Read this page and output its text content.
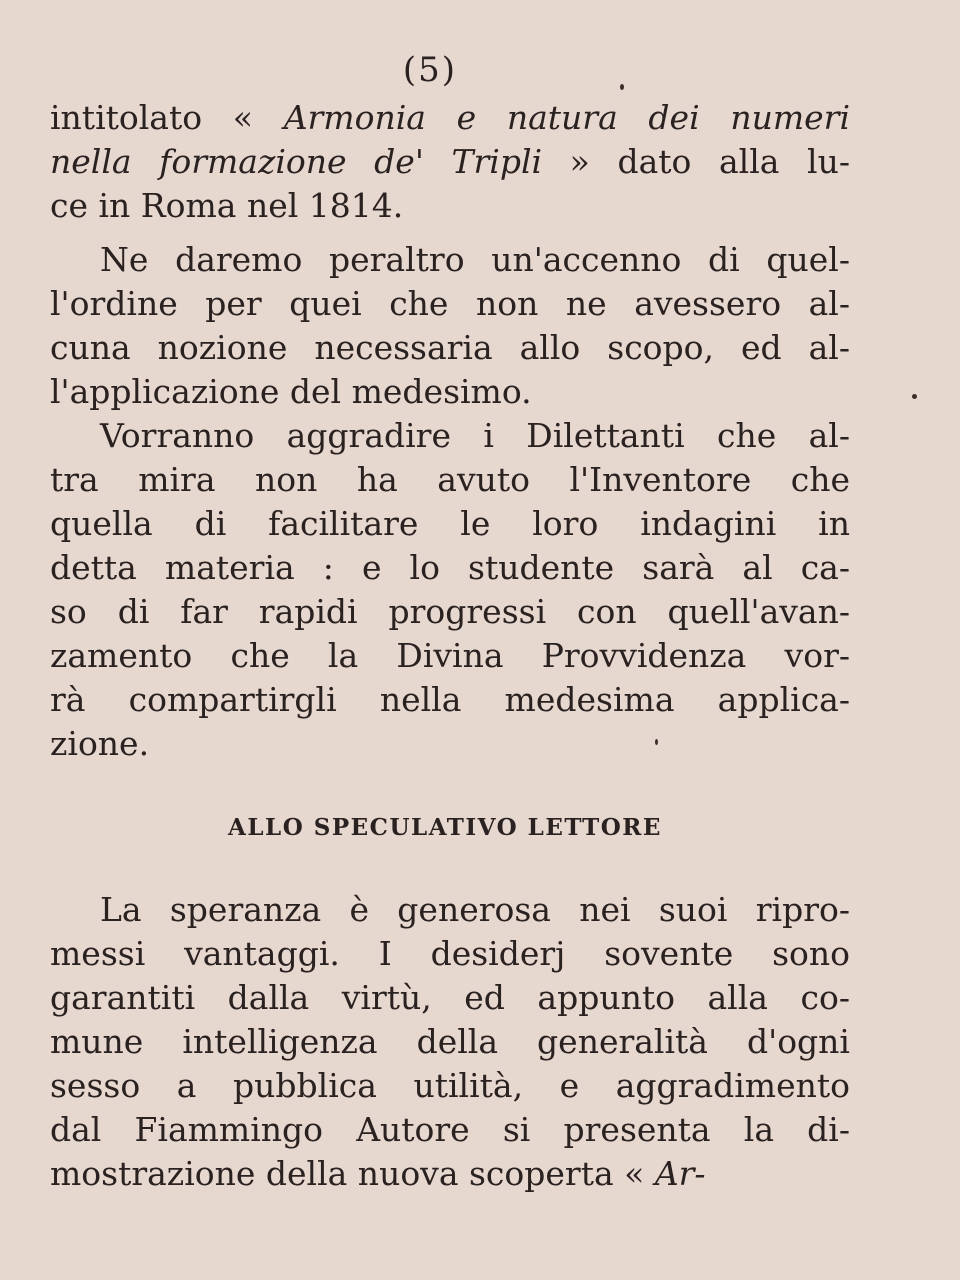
(5)
intitolato « Armonia e natura dei numeri
nella formazione de' Tripli » dato alla lu-
ce in Roma nel 1814.
Ne daremo peraltro un'accenno di quel-
l'ordine per quei che non ne avessero al-
cuna nozione necessaria allo scopo, ed al-
l'applicazione del medesimo.
Vorranno aggradire i Dilettanti che al-
tra mira non ha avuto l'Inventore che
quella di facilitare le loro indagini in
detta materia : e lo studente sarà al ca-
so di far rapidi progressi con quell'avan-
zamento che la Divina Provvidenza vor-
rà compartirgli nella medesima applica-
zione.
ALLO SPECULATIVO LETTORE
La speranza è generosa nei suoi ripro-
messi vantaggi. I desiderj sovente sono
garantiti dalla virtù, ed appunto alla co-
mune intelligenza della generalità d'ogni
sesso a pubblica utilità, e aggradimento
dal Fiammingo Autore si presenta la di-
mostrazione della nuova scoperta « Ar-
